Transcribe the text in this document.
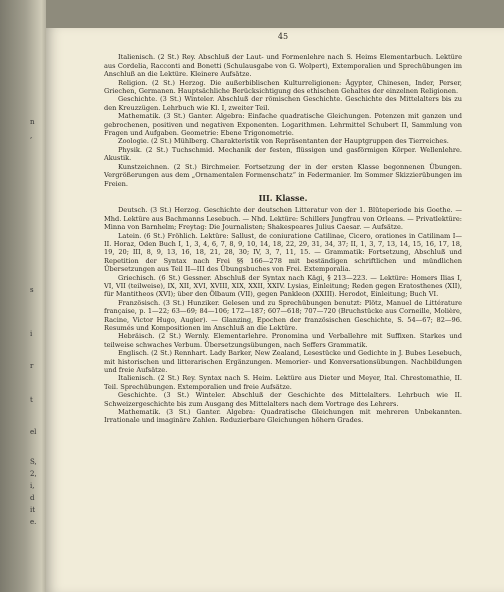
n
,
s
i
r
t
el
S,
2,
i,
d
it
e.
45

Italienisch. (2 St.) Rey. Abschluß der Laut- und Formenlehre nach S. Heims Elementarbuch. Lektüre aus Cordelia, Racconti and Bonetti (Schulausgabe von G. Wolpert), Extemporalien und Sprechübungen im Anschluß an die Lektüre. Kleinere Aufsätze.

Religion. (2 St.) Herzog. Die außerbiblischen Kulturreligionen: Ägypter, Chinesen, Inder, Perser, Griechen, Germanen. Hauptsächliche Berücksichtigung des ethischen Gehaltes der einzelnen Religionen.

Geschichte. (3 St.) Winteler. Abschluß der römischen Geschichte. Geschichte des Mittelalters bis zu den Kreuzzügen. Lehrbuch wie Kl. I, zweiter Teil.

Mathematik. (3 St.) Ganter. Algebra: Einfache quadratische Gleichungen. Potenzen mit ganzen und gebrochenen, positiven und negativen Exponenten. Logarithmen. Lehrmittel Schubert II, Sammlung von Fragen und Aufgaben. Geometrie: Ebene Trigonometrie.

Zoologie. (2 St.) Mühlberg. Charakteristik von Repräsentanten der Hauptgruppen des Tierreiches.

Physik. (2 St.) Tuchschmid. Mechanik der festen, flüssigen und gasförmigen Körper. Wellenlehre. Akustik.

Kunstzeichnen. (2 St.) Birchmeier. Fortsetzung der in der ersten Klasse begonnenen Übungen. Vergrößerungen aus dem „Ornamentalen Formenschatz“ in Federmanier. Im Sommer Skizzierübungen im Freien.

III. Klasse.

Deutsch. (3 St.) Herzog. Geschichte der deutschen Litteratur von der 1. Blüteperiode bis Goethe. — Mhd. Lektüre aus Bachmanns Lesebuch. — Nhd. Lektüre: Schillers Jungfrau von Orleans. — Privatlektüre: Minna von Barnhelm; Freytag: Die Journalisten; Shakespeares Julius Caesar. — Aufsätze.

Latein. (6 St.) Fröhlich. Lektüre: Sallust, de coniuratione Catilinae, Cicero, orationes in Catilinam I—II. Horaz, Oden Buch I, 1, 3, 4, 6, 7, 8, 9, 10, 14, 18, 22, 29, 31, 34, 37; II, 1, 3, 7, 13, 14, 15, 16, 17, 18, 19, 20; III, 8, 9, 13, 16, 18, 21, 28, 30; IV, 3, 7, 11, 15. — Grammatik: Fortsetzung, Abschluß und Repetition der Syntax nach Frei §§ 166—278 mit beständigen schriftlichen und mündlichen Übersetzungen aus Teil II—III des Übungsbuches von Frei. Extemporalia.

Griechisch. (6 St.) Gessner. Abschluß der Syntax nach Kägi, § 213—223. — Lektüre: Homers Ilias I, VI, VII (teilweise), IX, XII, XVI, XVIII, XIX, XXII, XXIV. Lysias, Einleitung; Reden gegen Eratosthenes (XII), für Mantitheos (XVI); über den Ölbaum (VII), gegen Pankleon (XXIII). Herodot, Einleitung; Buch VI.

Französisch. (3 St.) Hunziker. Gelesen und zu Sprechübungen benutzt: Plötz, Manuel de Littérature française, p. 1—22; 63—69; 84—106; 172—187; 607—618; 707—720 (Bruchstücke aus Corneille, Molière, Racine, Victor Hugo, Augier). — Glanzing, Epochen der französischen Geschichte, S. 54—67; 82—96. Resumés und Kompositionen im Anschluß an die Lektüre.

Hebräisch. (2 St.) Wernly. Elementarlehre. Pronomina und Verballehre mit Suffixen. Starkes und teilweise schwaches Verbum. Übersetzungsübungen, nach Seffers Grammatik.

Englisch. (2 St.) Rennhart. Lady Barker, New Zealand, Lesestücke und Gedichte in J. Bubes Lesebuch, mit historischen und litterarischen Ergänzungen. Memorier- und Konversationsübungen. Nachbildungen und freie Aufsätze.

Italienisch. (2 St.) Rey. Syntax nach S. Heim. Lektüre aus Dieter und Meyer, Ital. Chrestomathie, II. Teil. Sprechübungen. Extemporalien und freie Aufsätze.

Geschichte. (3 St.) Winteler. Abschluß der Geschichte des Mittelalters. Lehrbuch wie II. Schweizergeschichte bis zum Ausgang des Mittelalters nach dem Vortrage des Lehrers.

Mathematik. (3 St.) Ganter. Algebra: Quadratische Gleichungen mit mehreren Unbekannten. Irrationale und imaginäre Zahlen. Reduzierbare Gleichungen höhern Grades.
